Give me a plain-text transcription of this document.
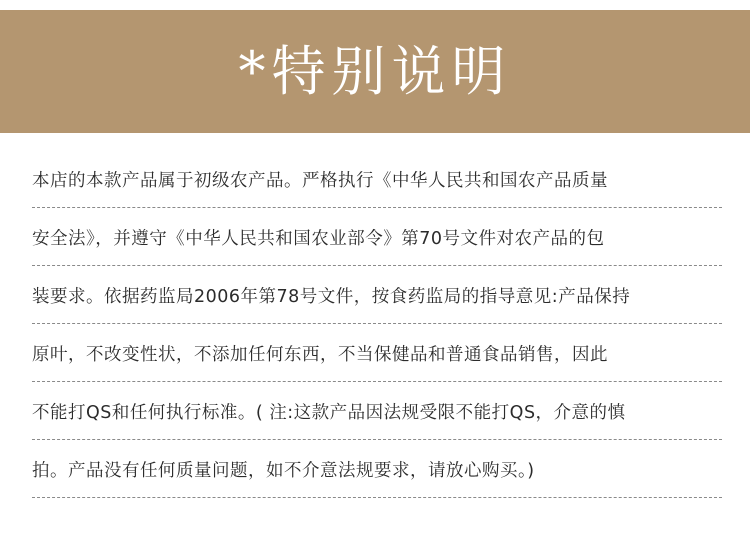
*特别说明
本店的本款产品属于初级农产品。严格执行《中华人民共和国农产品质量
安全法》，并遵守《中华人民共和国农业部令》第70号文件对农产品的包
装要求。依据药监局2006年第78号文件，按食药监局的指导意见:产品保持
原叶，不改变性状，不添加任何东西，不当保健品和普通食品销售，因此
不能打QS和任何执行标准。( 注:这款产品因法规受限不能打QS，介意的慎
拍。产品没有任何质量问题，如不介意法规要求，请放心购买。)
